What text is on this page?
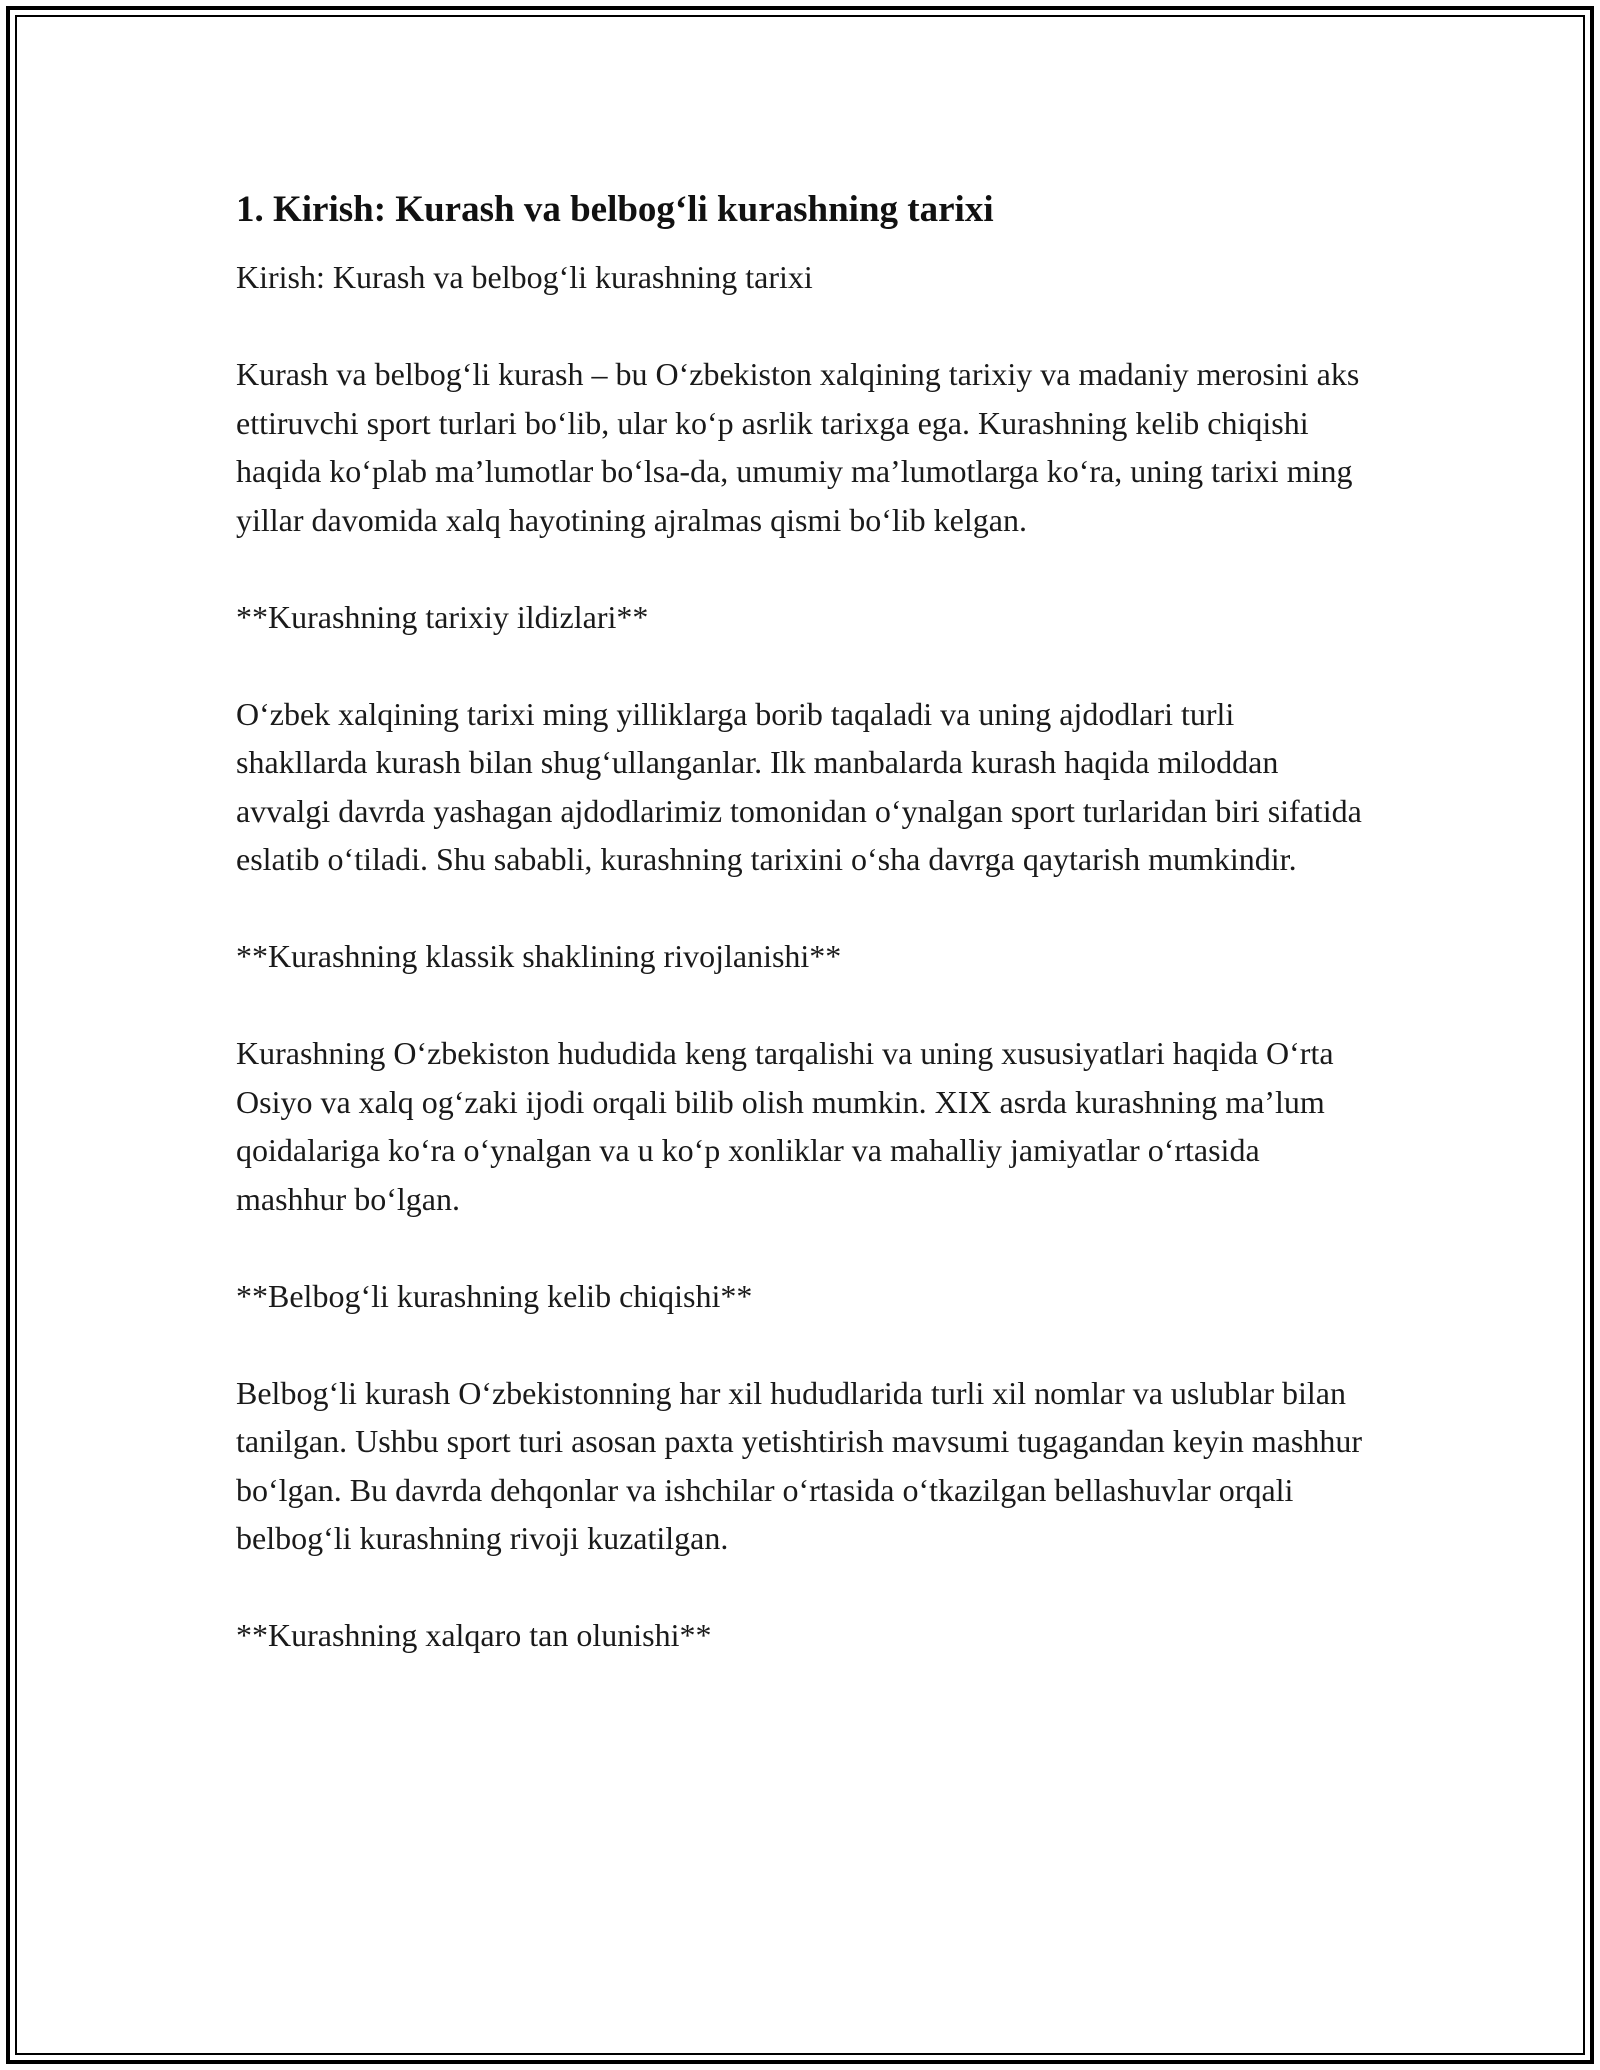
1. Kirish: Kurash va belbog‘li kurashning tarixi

Kirish: Kurash va belbog‘li kurashning tarixi

Kurash va belbog‘li kurash – bu O‘zbekiston xalqining tarixiy va madaniy merosini aks ettiruvchi sport turlari bo‘lib, ular ko‘p asrlik tarixga ega. Kurashning kelib chiqishi haqida ko‘plab ma’lumotlar bo‘lsa-da, umumiy ma’lumotlarga ko‘ra, uning tarixi ming yillar davomida xalq hayotining ajralmas qismi bo‘lib kelgan.

**Kurashning tarixiy ildizlari**

O‘zbek xalqining tarixi ming yilliklarga borib taqaladi va uning ajdodlari turli shakllarda kurash bilan shug‘ullanganlar. Ilk manbalarda kurash haqida miloddan avvalgi davrda yashagan ajdodlarimiz tomonidan o‘ynalgan sport turlaridan biri sifatida eslatib o‘tiladi. Shu sababli, kurashning tarixini o‘sha davrga qaytarish mumkindir.

**Kurashning klassik shaklining rivojlanishi**

Kurashning O‘zbekiston hududida keng tarqalishi va uning xususiyatlari haqida O‘rta Osiyo va xalq og‘zaki ijodi orqali bilib olish mumkin. XIX asrda kurashning ma’lum qoidalariga ko‘ra o‘ynalgan va u ko‘p xonliklar va mahalliy jamiyatlar o‘rtasida mashhur bo‘lgan.

**Belbog‘li kurashning kelib chiqishi**

Belbog‘li kurash O‘zbekistonning har xil hududlarida turli xil nomlar va uslublar bilan tanilgan. Ushbu sport turi asosan paxta yetishtirish mavsumi tugagandan keyin mashhur bo‘lgan. Bu davrda dehqonlar va ishchilar o‘rtasida o‘tkazilgan bellashuvlar orqali belbog‘li kurashning rivoji kuzatilgan.

**Kurashning xalqaro tan olunishi**
